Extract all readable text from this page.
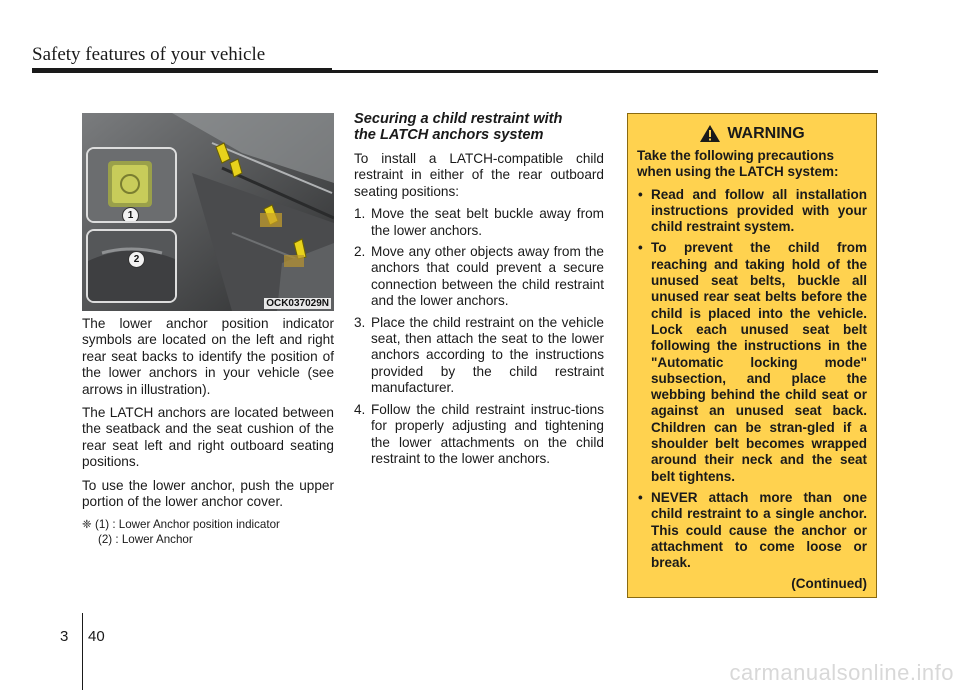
Safety features of your vehicle
1
2
OCK037029N

The lower anchor position indicator symbols are located on the left and right rear seat backs to identify the position of the lower anchors in your vehicle (see arrows in illustration).

The LATCH anchors are located between the seatback and the seat cushion of the rear seat left and right outboard seating positions.

To use the lower anchor, push the upper portion of the lower anchor cover.

❈ (1) : Lower Anchor position indicator
(2) : Lower Anchor
Securing a child restraint with
the LATCH anchors system

To install a LATCH-compatible child restraint in either of the rear outboard seating positions:

1. Move the seat belt buckle away from the lower anchors.
2. Move any other objects away from the anchors that could prevent a secure connection between the child restraint and the lower anchors.
3. Place the child restraint on the vehicle seat, then attach the seat to the lower anchors according to the instructions provided by the child restraint manufacturer.
4. Follow the child restraint instruc-tions for properly adjusting and tightening the lower attachments on the child restraint to the lower anchors.
WARNING

Take the following precautions when using the LATCH system:

• Read and follow all installation instructions provided with your child restraint system.
• To prevent the child from reaching and taking hold of the unused seat belts, buckle all unused rear seat belts before the child is placed into the vehicle. Lock each unused seat belt following the instructions in the "Automatic locking mode" subsection, and place the webbing behind the child seat or against an unused seat back. Children can be stran-gled if a shoulder belt becomes wrapped around their neck and the seat belt tightens.
• NEVER attach more than one child restraint to a single anchor. This could cause the anchor or attachment to come loose or break.
(Continued)
3 40
carmanualsonline.info
